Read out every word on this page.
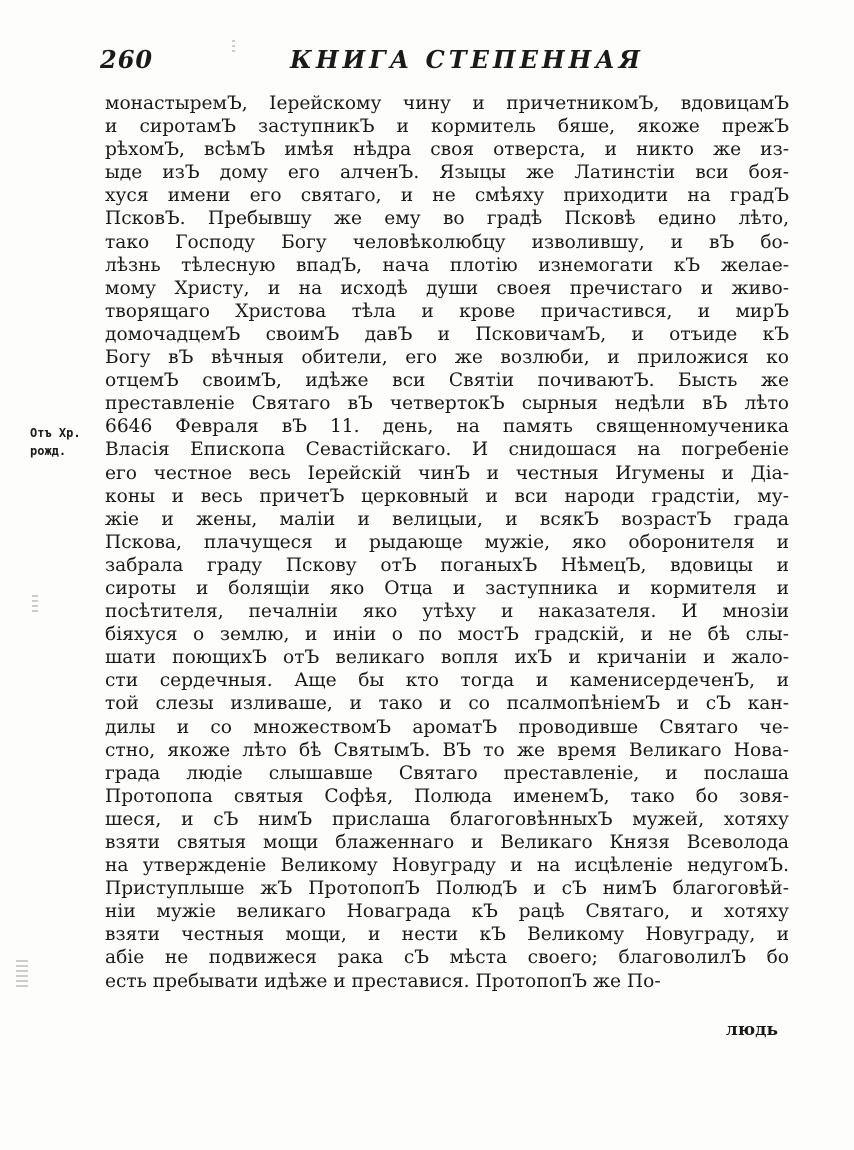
260	КНИГА СТЕПЕННАЯ
Отъ Хр.
рожд.
монастыремЪ, Іерейскому чину и причетникомЪ, вдовицамЪ
и сиротамЪ заступникЪ и кормитель бяше, якоже прежЪ
рѣхомЪ, всѣмЪ имѣя нѣдра своя отверста, и никто же из-
ыде изЪ дому его алченЪ. Языцы же Латинстіи вси боя-
хуся имени его святаго, и не смѣяху приходити на градЪ
ПсковЪ. Пребывшу же ему во градѣ Псковѣ едино лѣто,
тако Господу Богу человѣколюбцу изволившу, и вЪ бо-
лѣзнь тѣлесную впадЪ, нача плотію изнемогати кЪ желае-
мому Христу, и на исходѣ души своея пречистаго и живо-
творящаго Христова тѣла и крове причастився, и мирЪ
домочадцемЪ своимЪ давЪ и ПсковичамЪ, и отъиде кЪ
Богу вЪ вѣчныя обители, его же возлюби, и приложися ко
отцемЪ своимЪ, идѣже вси Святіи почиваютЪ. Бысть же
преставленіе Святаго вЪ четвертокЪ сырныя недѣли вЪ лѣто
6646 Февраля вЪ 11. день, на память священномученика
Власія Епископа Севастійскаго. И снидошася на погребеніе
его честное весь Іерейскій чинЪ и честныя Игумены и Діа-
коны и весь причетЪ церковный и вси народи градстіи, му-
жіе и жены, маліи и велицыи, и всякЪ возрастЪ града
Пскова, плачущеся и рыдающе мужіе, яко оборонителя и
забрала граду Пскову отЪ поганыхЪ НѣмецЪ, вдовицы и
сироты и болящіи яко Отца и заступника и кормителя и
посѣтителя, печалніи яко утѣху и наказателя. И мнозіи
біяхуся о землю, и иніи о по мостЪ градскій, и не бѣ слы-
шати поющихЪ отЪ великаго вопля ихЪ и кричаніи и жало-
сти сердечныя. Аще бы кто тогда и каменисердеченЪ, и
той слезы изливаше, и тако и со псалмопѣніемЪ и сЪ кан-
дилы и со множествомЪ ароматЪ проводивше Святаго че-
стно, якоже лѣто бѣ СвятымЪ. ВЪ то же время Великаго Нова-
града людіе слышавше Святаго преставленіе, и послаша
Протопопа святыя Софѣя, Полюда именемЪ, тако бо зовя-
шеся, и сЪ нимЪ прислаша благоговѣнныхЪ мужей, хотяху
взяти святыя мощи блаженнаго и Великаго Князя Всеволода
на утвержденіе Великому Новуграду и на исцѣленіе недугомЪ.
Приступлыше жЪ ПротопопЪ ПолюдЪ и сЪ нимЪ благоговѣй-
ніи мужіе великаго Новаграда кЪ рацѣ Святаго, и хотяху
взяти честныя мощи, и нести кЪ Великому Новуграду, и
абіе не подвижеся рака сЪ мѣста своего; благоволилЪ бо
есть пребывати идѣже и преставися. ПротопопЪ же По-
людь
